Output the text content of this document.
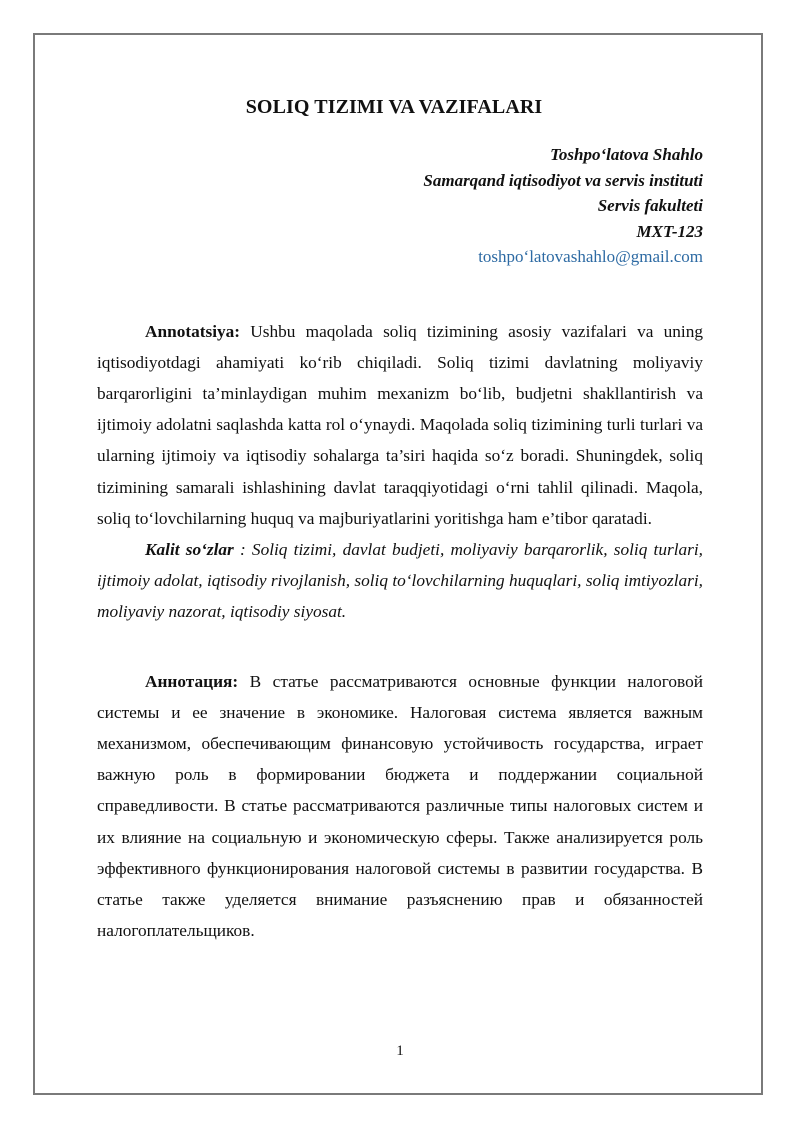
SOLIQ TIZIMI VA VAZIFALARI
Toshpo‘latova Shahlo
Samarqand iqtisodiyot va servis instituti
Servis fakulteti
MXT-123
toshpo‘latovashahlo@gmail.com

Annotatsiya: Ushbu maqolada soliq tizimining asosiy vazifalari va uning iqtisodiyotdagi ahamiyati ko‘rib chiqiladi. Soliq tizimi davlatning moliyaviy barqarorligini ta’minlaydigan muhim mexanizm bo‘lib, budjetni shakllantirish va ijtimoiy adolatni saqlashda katta rol o‘ynaydi. Maqolada soliq tizimining turli turlari va ularning ijtimoiy va iqtisodiy sohalarga ta’siri haqida so‘z boradi. Shuningdek, soliq tizimining samarali ishlashining davlat taraqqiyotidagi o‘rni tahlil qilinadi. Maqola, soliq to‘lovchilarning huquq va majburiyatlarini yoritishga ham e’tibor qaratadi.

Kalit so‘zlar : Soliq tizimi, davlat budjeti, moliyaviy barqarorlik, soliq turlari, ijtimoiy adolat, iqtisodiy rivojlanish, soliq to‘lovchilarning huquqlari, soliq imtiyozlari, moliyaviy nazorat, iqtisodiy siyosat.

Аннотация: В статье рассматриваются основные функции налоговой системы и ее значение в экономике. Налоговая система является важным механизмом, обеспечивающим финансовую устойчивость государства, играет важную роль в формировании бюджета и поддержании социальной справедливости. В статье рассматриваются различные типы налоговых систем и их влияние на социальную и экономическую сферы. Также анализируется роль эффективного функционирования налоговой системы в развитии государства. В статье также уделяется внимание разъяснению прав и обязанностей налогоплательщиков.

1
